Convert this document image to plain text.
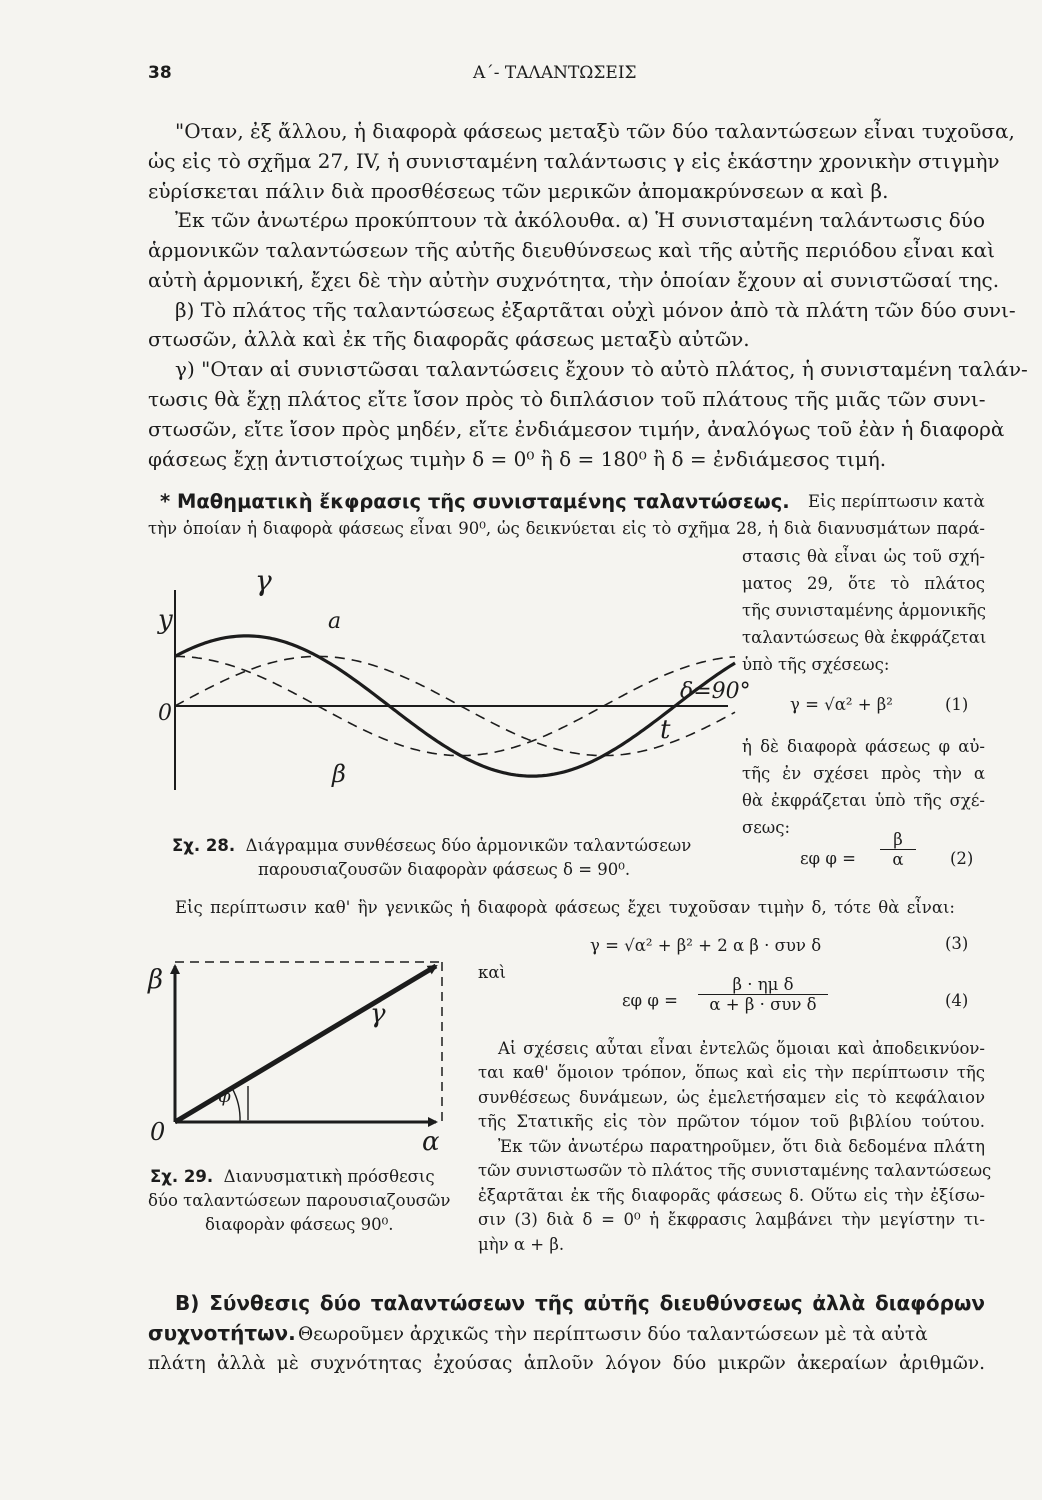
38	Α΄- ΤΑΛΑΝΤΩΣΕΙΣ
"Οταν, ἐξ ἄλλου, ἡ διαφορὰ φάσεως μεταξὺ τῶν δύο ταλαντώσεων εἶναι τυχοῦσα,
ὡς εἰς τὸ σχῆμα 27, IV, ἡ συνισταμένη ταλάντωσις γ εἰς ἑκάστην χρονικὴν στιγμὴν
εὑρίσκεται πάλιν διὰ προσθέσεως τῶν μερικῶν ἀπομακρύνσεων α καὶ β.
Ἐκ τῶν ἀνωτέρω προκύπτουν τὰ ἀκόλουθα. α) Ἡ συνισταμένη ταλάντωσις δύο
ἁρμονικῶν ταλαντώσεων τῆς αὐτῆς διευθύνσεως καὶ τῆς αὐτῆς περιόδου εἶναι καὶ
αὐτὴ ἁρμονική, ἔχει δὲ τὴν αὐτὴν συχνότητα, τὴν ὁποίαν ἔχουν αἱ συνιστῶσαί της.
β) Τὸ πλάτος τῆς ταλαντώσεως ἐξαρτᾶται οὐχὶ μόνον ἀπὸ τὰ πλάτη τῶν δύο συνι-
στωσῶν, ἀλλὰ καὶ ἐκ τῆς διαφορᾶς φάσεως μεταξὺ αὐτῶν.
γ) "Οταν αἱ συνιστῶσαι ταλαντώσεις ἔχουν τὸ αὐτὸ πλάτος, ἡ συνισταμένη ταλάν-
τωσις θὰ ἔχῃ πλάτος εἴτε ἴσον πρὸς τὸ διπλάσιον τοῦ πλάτους τῆς μιᾶς τῶν συνι-
στωσῶν, εἴτε ἴσον πρὸς μηδέν, εἴτε ἐνδιάμεσον τιμήν, ἀναλόγως τοῦ ἐὰν ἡ διαφορὰ
φάσεως ἔχῃ ἀντιστοίχως τιμὴν δ = 0⁰ ἢ δ = 180⁰ ἢ δ = ἐνδιάμεσος τιμή.
* Μαθηματικὴ ἔκφρασις τῆς συνισταμένης ταλαντώσεως. Εἰς περίπτωσιν κατὰ
τὴν ὁποίαν ἡ διαφορὰ φάσεως εἶναι 90⁰, ὡς δεικνύεται εἰς τὸ σχῆμα 28, ἡ διὰ διανυσμάτων παρά-
στασις θὰ εἶναι ὡς τοῦ σχή-
ματος 29, ὅτε τὸ πλάτος
τῆς συνισταμένης ἁρμονικῆς
ταλαντώσεως θὰ ἐκφράζεται
ὑπὸ τῆς σχέσεως:
γ = √α² + β²	(1)
ἡ δὲ διαφορὰ φάσεως φ αὐ-
τῆς ἐν σχέσει πρὸς τὴν α
θὰ ἐκφράζεται ὑπὸ τῆς σχέ-
σεως:
εφ $\varphi = \frac{\beta}{\alpha} (2)$
γ
y	a
0
δ=90°
t
β
Σχ. 28. Διάγραμμα συνθέσεως δύο ἁρμονικῶν ταλαντώσεων
παρουσιαζουσῶν διαφορὰν φάσεως δ = 90⁰.
Εἰς περίπτωσιν καθ' ἣν γενικῶς ἡ διαφορὰ φάσεως ἔχει τυχοῦσαν τιμὴν δ, τότε θὰ εἶναι:
γ = √α² + β² + 2 α β · συν δ	(3)
καὶ
εφ φ =
β · ημ δ
α + β · συν δ	(4)
β
γ
φ
0	α
Σχ. 29. Διανυσματικὴ πρόσθεσις
δύο ταλαντώσεων παρουσιαζουσῶν
διαφορὰν φάσεως 90⁰.
Αἱ σχέσεις αὗται εἶναι ἐντελῶς ὅμοιαι καὶ ἀποδεικνύον-
ται καθ' ὅμοιον τρόπον, ὅπως καὶ εἰς τὴν περίπτωσιν τῆς
συνθέσεως δυνάμεων, ὡς ἐμελετήσαμεν εἰς τὸ κεφάλαιον
τῆς Στατικῆς εἰς τὸν πρῶτον τόμον τοῦ βιβλίου τούτου.
Ἐκ τῶν ἀνωτέρω παρατηροῦμεν, ὅτι διὰ δεδομένα πλάτη
τῶν συνιστωσῶν τὸ πλάτος τῆς συνισταμένης ταλαντώσεως
ἐξαρτᾶται ἐκ τῆς διαφορᾶς φάσεως δ. Οὕτω εἰς τὴν ἐξίσω-
σιν (3) διὰ δ = 0⁰ ἡ ἔκφρασις λαμβάνει τὴν μεγίστην τι-
μὴν α + β.
Β) Σύνθεσις δύο ταλαντώσεων τῆς αὐτῆς διευθύνσεως ἀλλὰ διαφόρων
συχνοτήτων. Θεωροῦμεν ἀρχικῶς τὴν περίπτωσιν δύο ταλαντώσεων μὲ τὰ αὐτὰ
πλάτη ἀλλὰ μὲ συχνότητας ἐχούσας ἁπλοῦν λόγον δύο μικρῶν ἀκεραίων ἀριθμῶν.
